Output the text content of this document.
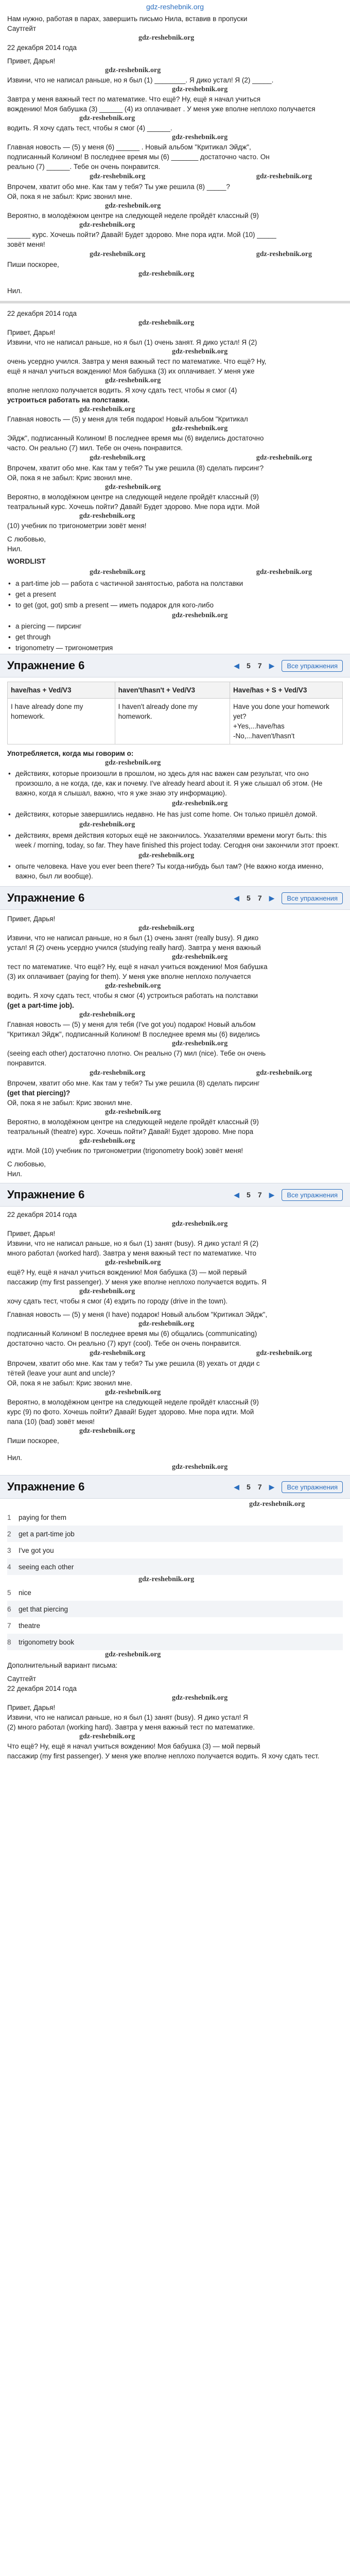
gdz-reshebnik.org

Нам нужно, работая в парах, завершить письмо Нила, вставив в пропуски

Саутгейт

gdz-reshebnik.org

22 декабря 2014 года

Привет, Дарья!

gdz-reshebnik.org

Извини, что не написал раньше, но я был (1) ________. Я дико устал! Я (2) _____.

gdz-reshebnik.org

Завтра у меня важный тест по математике. Что ещё? Ну, ещё я начал учиться

вождению! Моя бабушка (3) ______ (4) из оплачивает . У меня уже вполне неплохо получается

gdz-reshebnik.org

водить. Я хочу сдать тест, чтобы я смог (4) ______.

gdz-reshebnik.org

Главная новость — (5) у меня (6) ______ . Новый альбом "Критикал Эйдж",

подписанный Колином! В последнее время мы (6) _______ достаточно часто. Он

реально (7) ______. Тебе он очень понравится.

gdz-reshebnik.org	gdz-reshebnik.org

Впрочем, хватит обо мне. Как там у тебя? Ты уже решила (8) _____?

Ой, пока я не забыл: Крис звонил мне.

gdz-reshebnik.org

Вероятно, в молодёжном центре на следующей неделе пройдёт классный (9)

gdz-reshebnik.org

______ курс. Хочешь пойти? Давай! Будет здорово. Мне пора идти. Мой (10) _____

зовёт меня!

gdz-reshebnik.org	gdz-reshebnik.org

Пиши поскорее,

gdz-reshebnik.org

Нил.

22 декабря 2014 года

gdz-reshebnik.org

Привет, Дарья!

Извини, что не написал раньше, но я был (1) очень занят. Я дико устал! Я (2)

gdz-reshebnik.org

очень усердно учился. Завтра у меня важный тест по математике. Что ещё? Ну,

ещё я начал учиться вождению! Моя бабушка (3) их оплачивает. У меня уже

gdz-reshebnik.org

вполне неплохо получается водить. Я хочу сдать тест, чтобы я смог (4)

устроиться работать на полставки.

gdz-reshebnik.org

Главная новость — (5) у меня для тебя подарок! Новый альбом "Критикал

gdz-reshebnik.org

Эйдж", подписанный Колином! В последнее время мы (6) виделись достаточно

часто. Он реально (7) мил. Тебе он очень понравится.

gdz-reshebnik.org	gdz-reshebnik.org

Впрочем, хватит обо мне. Как там у тебя? Ты уже решила (8) сделать пирсинг?

Ой, пока я не забыл: Крис звонил мне.

gdz-reshebnik.org

Вероятно, в молодёжном центре на следующей неделе пройдёт классный (9)

театральный курс. Хочешь пойти? Давай! Будет здорово. Мне пора идти. Мой

gdz-reshebnik.org

(10) учебник по тригонометрии зовёт меня!

С любовью,

Нил.

WORDLIST
gdz-reshebnik.org	gdz-reshebnik.org
• a part-time job — работа с частичной занятостью, работа на полставки
• get a present
• to get (got, got) smb a present — иметь подарок для кого-либо
gdz-reshebnik.org
• a piercing — пирсинг
• get through
• trigonometry — тригонометрия
Упражнение 6	◀ 5 7 ▶	Все упражнения
have/has + Ved/V3	haven't/hasn't + Ved/V3	Have/has + S + Ved/V3
I have already done my homework.	I haven't already done my homework.	Have you done your homework yet?
+Yes,...have/has
-No,...haven't/hasn't

Употребляется, когда мы говорим о:

gdz-reshebnik.org
• действиях, которые произошли в прошлом, но здесь для нас важен сам результат, что оно произошло, а не когда, где, как и почему. I've already heard about it. Я уже слышал об этом. (Не важно, когда я слышал, важно, что я уже знаю эту информацию).
gdz-reshebnik.org
• действиях, которые завершились недавно. He has just come home. Он только пришёл домой.
gdz-reshebnik.org
• действиях, время действия которых ещё не закончилось. Указателями времени могут быть: this week / morning, today, so far. They have finished this project today. Сегодня они закончили этот проект.
gdz-reshebnik.org
• опыте человека. Have you ever been there? Ты когда-нибудь был там? (Не важно когда именно, важно, был ли вообще).
Упражнение 6	◀ 5 7 ▶	Все упражнения

Привет, Дарья!

gdz-reshebnik.org

Извини, что не написал раньше, но я был (1) очень занят (really busy). Я дико

устал! Я (2) очень усердно учился (studying really hard). Завтра у меня важный

gdz-reshebnik.org

тест по математике. Что ещё? Ну, ещё я начал учиться вождению! Моя бабушка

(3) их оплачивает (paying for them). У меня уже вполне неплохо получается

gdz-reshebnik.org

водить. Я хочу сдать тест, чтобы я смог (4) устроиться работать на полставки

(get a part-time job).

gdz-reshebnik.org

Главная новость — (5) у меня для тебя (I've got you) подарок! Новый альбом

"Критикал Эйдж", подписанный Колином! В последнее время мы (6) виделись

gdz-reshebnik.org

(seeing each other) достаточно плотно. Он реально (7) мил (nice). Тебе он очень

понравится.

gdz-reshebnik.org	gdz-reshebnik.org

Впрочем, хватит обо мне. Как там у тебя? Ты уже решила (8) сделать пирсинг

(get that piercing)?

Ой, пока я не забыл: Крис звонил мне.

gdz-reshebnik.org

Вероятно, в молодёжном центре на следующей неделе пройдёт классный (9)

театральный (theatre) курс. Хочешь пойти? Давай! Будет здорово. Мне пора

gdz-reshebnik.org

идти. Мой (10) учебник по тригонометрии (trigonometry book) зовёт меня!

С любовью,

Нил.

Упражнение 6	◀ 5 7 ▶	Все упражнения

22 декабря 2014 года

gdz-reshebnik.org

Привет, Дарья!

Извини, что не написал раньше, но я был (1) занят (busy). Я дико устал! Я (2)

много работал (worked hard). Завтра у меня важный тест по математике. Что

gdz-reshebnik.org

ещё? Ну, ещё я начал учиться вождению! Моя бабушка (3) — мой первый

пассажир (my first passenger). У меня уже вполне неплохо получается водить. Я

gdz-reshebnik.org

хочу сдать тест, чтобы я смог (4) ездить по городу (drive in the town).

Главная новость — (5) у меня (I have) подарок! Новый альбом "Критикал Эйдж",

gdz-reshebnik.org

подписанный Колином! В последнее время мы (6) общались (communicating)

достаточно часто. Он реально (7) крут (cool). Тебе он очень понравится.

gdz-reshebnik.org	gdz-reshebnik.org

Впрочем, хватит обо мне. Как там у тебя? Ты уже решила (8) уехать от дяди с

тётей (leave your aunt and uncle)?

Ой, пока я не забыл: Крис звонил мне.

gdz-reshebnik.org

Вероятно, в молодёжном центре на следующей неделе пройдёт классный (9)

курс (9) по фото. Хочешь пойти? Давай! Будет здорово. Мне пора идти. Мой

папа (10) (bad) зовёт меня!

gdz-reshebnik.org

Пиши поскорее,

Нил.

gdz-reshebnik.org
Упражнение 6	◀ 5 7 ▶	Все упражнения
gdz-reshebnik.org
1	paying for them
2	get a part-time job
3	I've got you
4	seeing each other
gdz-reshebnik.org
5	nice
6	get that piercing
7	theatre
8	trigonometry book
gdz-reshebnik.org

Дополнительный вариант письма:

Саутгейт

22 декабря 2014 года

gdz-reshebnik.org

Привет, Дарья!

Извини, что не написал раньше, но я был (1) занят (busy). Я дико устал! Я

(2) много работал (working hard). Завтра у меня важный тест по математике.

gdz-reshebnik.org

Что ещё? Ну, ещё я начал учиться вождению! Моя бабушка (3) — мой первый

пассажир (my first passenger). У меня уже вполне неплохо получается водить. Я хочу сдать тест.
